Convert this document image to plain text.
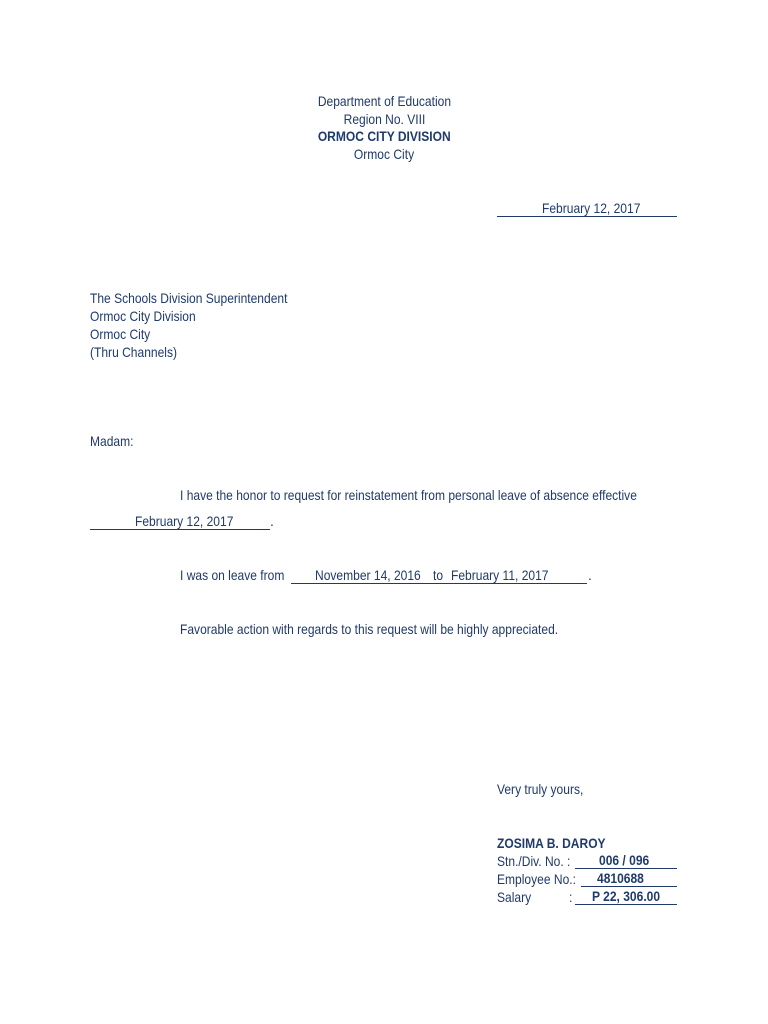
Department of Education
Region No. VIII
ORMOC CITY DIVISION
Ormoc City
February 12, 2017

The Schools Division Superintendent
Ormoc City Division
Ormoc City
(Thru Channels)
Madam:
I have the honor to request for reinstatement from personal leave of absence effective
February 12, 2017	.
I was on leave from November 14, 2016 to February 11, 2017
	.
Favorable action with regards to this request will be highly appreciated.
Very truly yours,
ZOSIMA B. DAROY
Stn./Div. No. : 006 / 096

Employee No.: 4810688

Salary	: P 22, 306.00
